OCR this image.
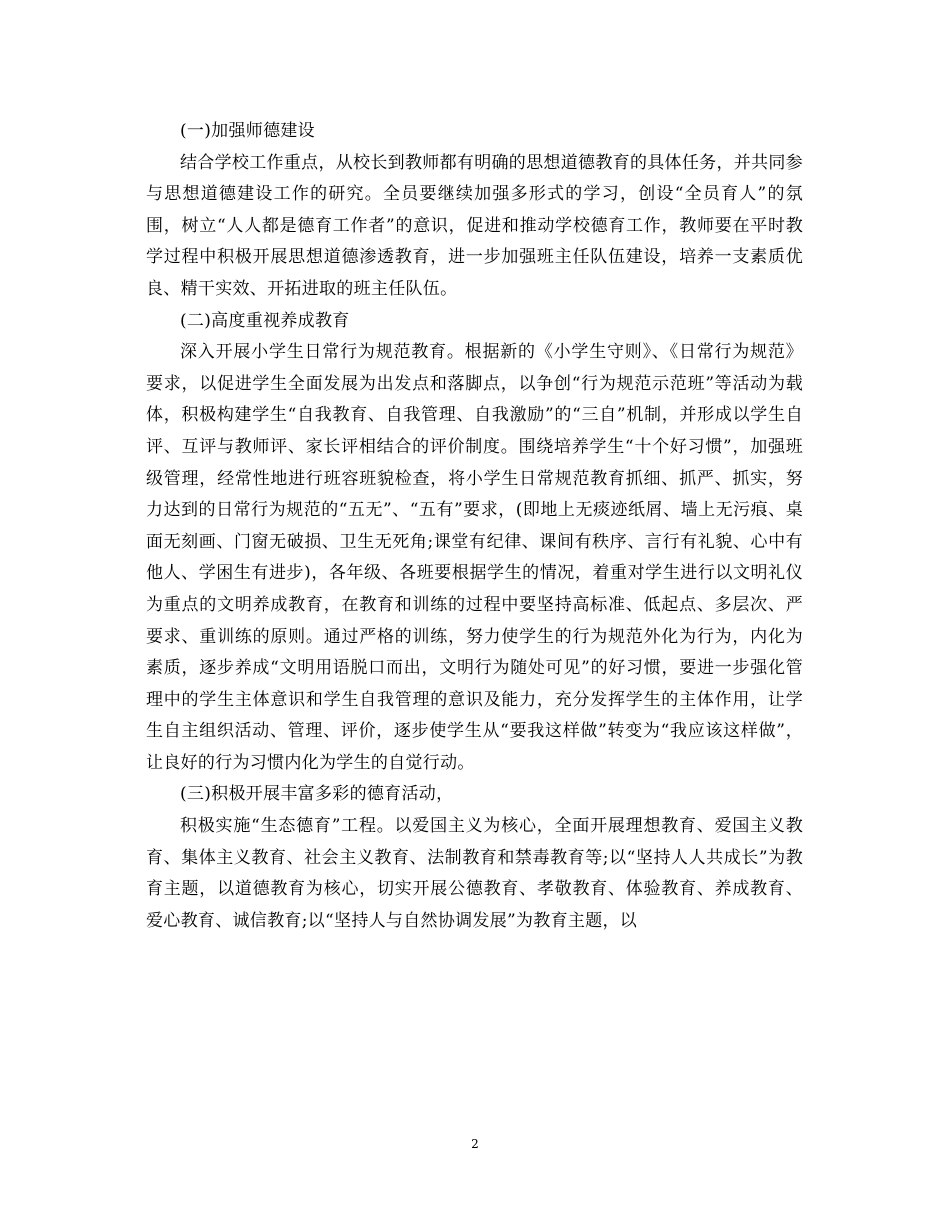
(一)加强师德建设

结合学校工作重点，从校长到教师都有明确的思想道德教育的具体任务，并共同参与思想道德建设工作的研究。全员要继续加强多形式的学习，创设“全员育人”的氛围，树立“人人都是德育工作者”的意识，促进和推动学校德育工作，教师要在平时教学过程中积极开展思想道德渗透教育，进一步加强班主任队伍建设，培养一支素质优良、精干实效、开拓进取的班主任队伍。

(二)高度重视养成教育

深入开展小学生日常行为规范教育。根据新的《小学生守则》、《日常行为规范》要求，以促进学生全面发展为出发点和落脚点，以争创“行为规范示范班”等活动为载体，积极构建学生“自我教育、自我管理、自我激励”的“三自”机制，并形成以学生自评、互评与教师评、家长评相结合的评价制度。围绕培养学生“十个好习惯”，加强班级管理，经常性地进行班容班貌检查，将小学生日常规范教育抓细、抓严、抓实，努力达到的日常行为规范的“五无”、“五有”要求，(即地上无痰迹纸屑、墙上无污痕、桌面无刻画、门窗无破损、卫生无死角;课堂有纪律、课间有秩序、言行有礼貌、心中有他人、学困生有进步)，各年级、各班要根据学生的情况，着重对学生进行以文明礼仪为重点的文明养成教育，在教育和训练的过程中要坚持高标准、低起点、多层次、严要求、重训练的原则。通过严格的训练，努力使学生的行为规范外化为行为，内化为素质，逐步养成“文明用语脱口而出，文明行为随处可见”的好习惯，要进一步强化管理中的学生主体意识和学生自我管理的意识及能力，充分发挥学生的主体作用，让学生自主组织活动、管理、评价，逐步使学生从“要我这样做”转变为“我应该这样做”，让良好的行为习惯内化为学生的自觉行动。

(三)积极开展丰富多彩的德育活动，

积极实施“生态德育”工程。以爱国主义为核心，全面开展理想教育、爱国主义教育、集体主义教育、社会主义教育、法制教育和禁毒教育等;以“坚持人人共成长”为教育主题，以道德教育为核心，切实开展公德教育、孝敬教育、体验教育、养成教育、爱心教育、诚信教育;以“坚持人与自然协调发展”为教育主题，以

2
